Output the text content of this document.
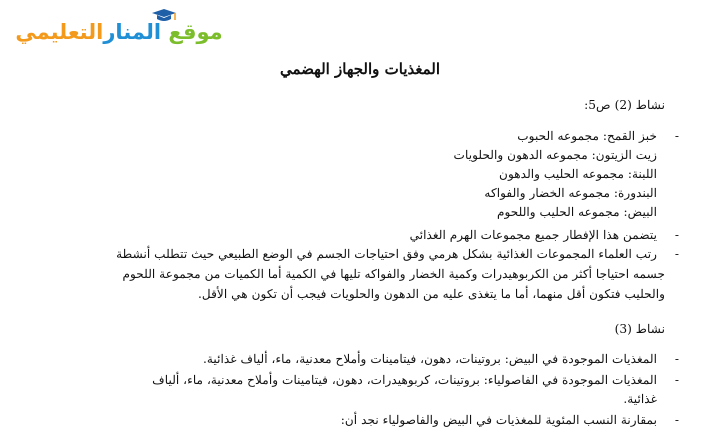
موقع المنارالتعليمي
المغذيات والجهاز الهضمي
نشاط (2) ص5:
-
خبز القمح: مجموعه الحبوب
زيت الزيتون: مجموعه الدهون والحلويات
اللبنة: مجموعه الحليب والدهون
البندورة: مجموعه الخضار والفواكه
البيض: مجموعه الحليب واللحوم
-
يتضمن هذا الإفطار جميع مجموعات الهرم الغذائي
-
رتب العلماء المجموعات الغذائية بشكل هرمي وفق احتياجات الجسم في الوضع الطبيعي حيث تتطلب أنشطة
جسمه احتياجا أكثر من الكربوهيدرات وكمية الخضار والفواكه تليها في الكمية أما الكميات من مجموعة اللحوم
والحليب فتكون أقل منهما، أما ما يتغذى عليه من الدهون والحلويات فيجب أن تكون هي الأقل.
نشاط (3)
-
المغذيات الموجودة في البيض: بروتينات، دهون، فيتامينات وأملاح معدنية، ماء، ألياف غذائية.
-
المغذيات الموجودة في الفاصولياء: بروتينات، كربوهيدرات، دهون، فيتامينات وأملاح معدنية، ماء، ألياف
غذائية.
-
بمقارنة النسب المئوية للمغذيات في البيض والفاصولياء نجد أن:
